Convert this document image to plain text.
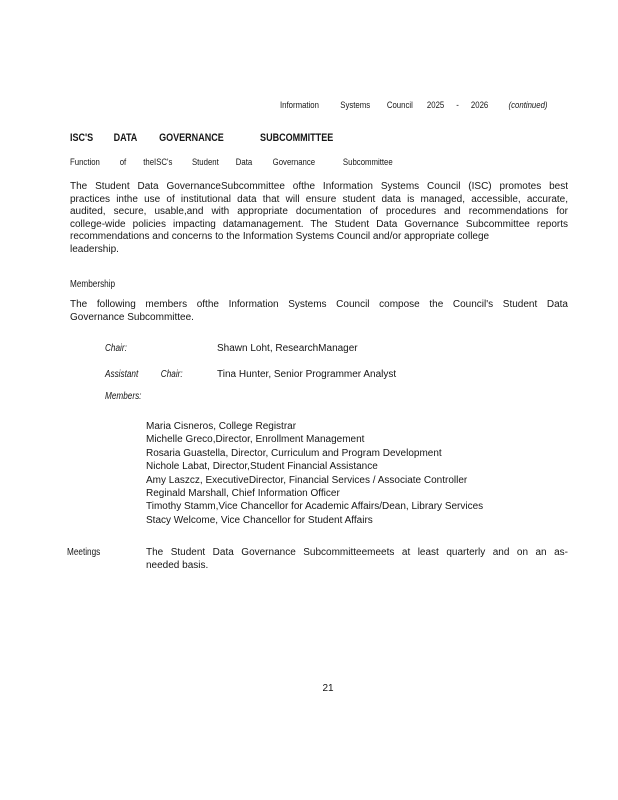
Information Systems Council 2025 - 2026 (continued)
ISC'S DATA GOVERNANCE	SUBCOMMITTEE
Function of theISC's Student Data Governance	Subcommittee
The Student Data GovernanceSubcommittee ofthe Information Systems Council (ISC) promotes best
practices inthe use of institutional data that will ensure student data is managed, accessible, accurate,
audited, secure, usable,and with appropriate documentation of procedures and recommendations for
college-wide policies impacting datamanagement. The Student Data Governance Subcommittee reports
recommendations and concerns to the Information Systems Council and/or appropriate college
leadership.
Membership
The following members ofthe Information Systems Council compose the Council's Student Data
Governance Subcommittee.
Chair:	Shawn Loht, ResearchManager
Assistant Chair:	Tina Hunter, Senior Programmer Analyst
Members:
Maria Cisneros, College Registrar
Michelle Greco,Director, Enrollment Management
Rosaria Guastella, Director, Curriculum and Program Development
Nichole Labat, Director,Student Financial Assistance
Amy Laszcz, ExecutiveDirector, Financial Services / Associate Controller
Reginald Marshall, Chief Information Officer
Timothy Stamm,Vice Chancellor for Academic Affairs/Dean, Library Services
Stacy Welcome, Vice Chancellor for Student Affairs
Meetings	The Student Data Governance Subcommitteemeets at least quarterly and on an as-
needed basis.
21
